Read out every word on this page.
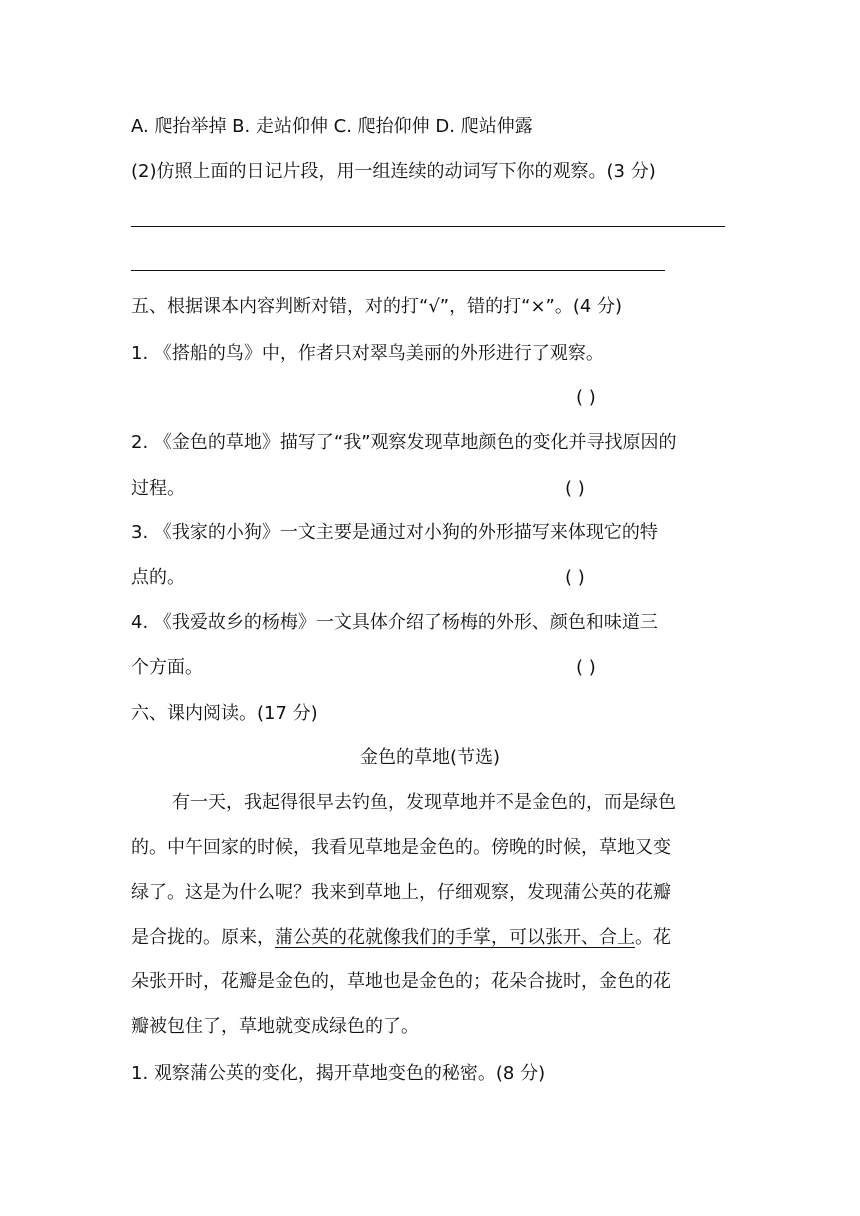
A. 爬抬举掉 B. 走站仰伸 C. 爬抬仰伸 D. 爬站伸露
(2)仿照上面的日记片段，用一组连续的动词写下你的观察。(3 分)
五、根据课本内容判断对错，对的打“√”，错的打“×”。(4 分)
1. 《搭船的鸟》中，作者只对翠鸟美丽的外形进行了观察。
( )
2. 《金色的草地》描写了“我”观察发现草地颜色的变化并寻找原因的
过程。	( )
3. 《我家的小狗》一文主要是通过对小狗的外形描写来体现它的特
点的。	( )
4. 《我爱故乡的杨梅》一文具体介绍了杨梅的外形、颜色和味道三
个方面。	( )
六、课内阅读。(17 分)
金色的草地(节选)
有一天，我起得很早去钓鱼，发现草地并不是金色的，而是绿色
的。中午回家的时候，我看见草地是金色的。傍晚的时候，草地又变
绿了。这是为什么呢？我来到草地上，仔细观察，发现蒲公英的花瓣
是合拢的。原来，蒲公英的花就像我们的手掌，可以张开、合上。花
朵张开时，花瓣是金色的，草地也是金色的；花朵合拢时，金色的花
瓣被包住了，草地就变成绿色的了。
1. 观察蒲公英的变化，揭开草地变色的秘密。(8 分)
